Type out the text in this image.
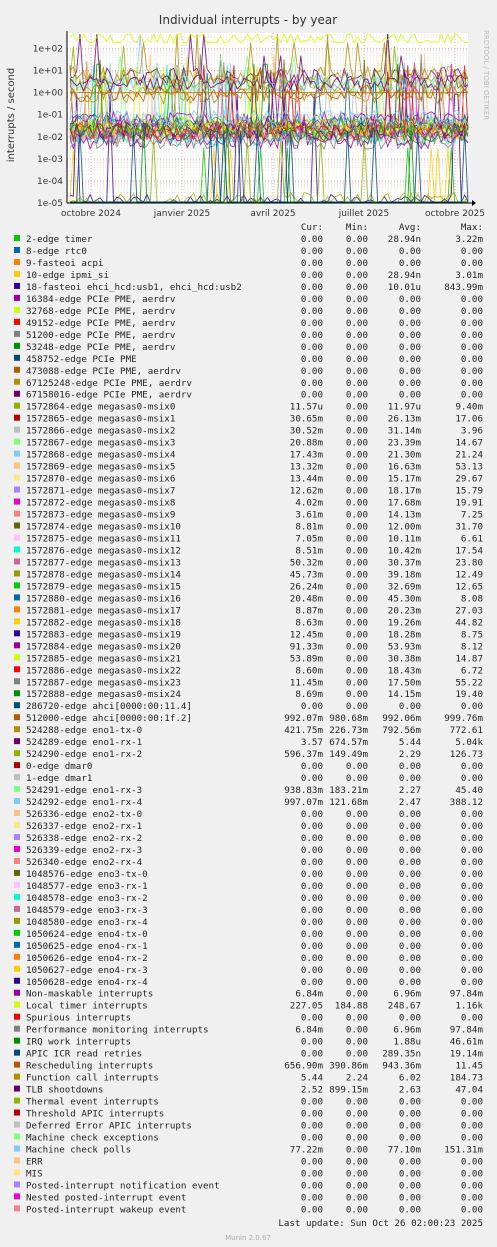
Individual interrupts - by year
interrupts / second	RRDTOOL / TOBI OETIKER
1e+02
1e+01
1e+00
1e-01
1e-02
1e-03
1e-04
1e-05
octobre 2024	janvier 2025	avril 2025	juillet 2025	octobre 2025
Cur: Min:	Avg:	Max:
2-edge timer	0.00 0.00 28.94n	3.22m
8-edge rtc0	0.00 0.00	0.00	0.00
9-fasteoi acpi	0.00 0.00	0.00	0.00
10-edge ipmi_si	0.00 0.00 28.94n	3.01m
18-fasteoi ehci_hcd:usb1, ehci_hcd:usb2	0.00 0.00 10.01u	843.99m
16384-edge PCIe PME, aerdrv	0.00 0.00	0.00	0.00
32768-edge PCIe PME, aerdrv	0.00 0.00	0.00	0.00
49152-edge PCIe PME, aerdrv	0.00 0.00	0.00	0.00
51200-edge PCIe PME, aerdrv	0.00 0.00	0.00	0.00
53248-edge PCIe PME, aerdrv	0.00 0.00	0.00	0.00
458752-edge PCIe PME	0.00 0.00	0.00	0.00
473088-edge PCIe PME, aerdrv	0.00 0.00	0.00	0.00
67125248-edge PCIe PME, aerdrv	0.00 0.00	0.00	0.00
67158016-edge PCIe PME, aerdrv	0.00 0.00	0.00	0.00
1572864-edge megasas0-msix0	11.57u 0.00 11.97u	9.40m
1572865-edge megasas0-msix1	30.65m 0.00 26.13m	17.06
1572866-edge megasas0-msix2	30.52m 0.00 31.14m	3.96
1572867-edge megasas0-msix3	20.88m 0.00 23.39m	14.67
1572868-edge megasas0-msix4	17.43m 0.00 21.30m	21.24
1572869-edge megasas0-msix5	13.32m 0.00 16.63m	53.13
1572870-edge megasas0-msix6	13.44m 0.00 15.17m	29.67
1572871-edge megasas0-msix7	12.62m 0.00 18.17m	15.79
1572872-edge megasas0-msix8	4.02m 0.00 17.68m	19.91
1572873-edge megasas0-msix9	3.61m 0.00 14.13m	7.25
1572874-edge megasas0-msix10	8.81m 0.00 12.00m	31.70
1572875-edge megasas0-msix11	7.05m 0.00 10.11m	6.61
1572876-edge megasas0-msix12	8.51m 0.00 10.42m	17.54
1572877-edge megasas0-msix13	50.32m 0.00 30.37m	23.80
1572878-edge megasas0-msix14	45.73m 0.00 39.18m	12.49
1572879-edge megasas0-msix15	26.24m 0.00 32.69m	12.65
1572880-edge megasas0-msix16	20.48m 0.00 45.30m	8.08
1572881-edge megasas0-msix17	8.87m 0.00 20.23m	27.03
1572882-edge megasas0-msix18	8.63m 0.00 19.26m	44.82
1572883-edge megasas0-msix19	12.45m 0.00 18.28m	8.75
1572884-edge megasas0-msix20	91.33m 0.00 53.93m	8.12
1572885-edge megasas0-msix21	53.89m 0.00 30.38m	14.87
1572886-edge megasas0-msix22	8.60m 0.00 18.43m	6.72
1572887-edge megasas0-msix23	11.45m 0.00 17.50m	55.22
1572888-edge megasas0-msix24	8.69m 0.00 14.15m	19.40
286720-edge ahci[0000:00:11.4]	0.00 0.00	0.00	0.00
512000-edge ahci[0000:00:1f.2]	992.07m 980.68m 992.06m	999.76m
524288-edge eno1-tx-0	421.75m 226.73m 792.56m	772.61
524289-edge eno1-rx-1	3.57 674.57m	5.44	5.04k
524290-edge eno1-rx-2	596.37m 149.49m	2.29	126.73
0-edge dmar0	0.00 0.00	0.00	0.00
1-edge dmar1	0.00 0.00	0.00	0.00
524291-edge eno1-rx-3	938.83m 183.21m	2.27	45.40
524292-edge eno1-rx-4	997.07m 121.68m	2.47	388.12
526336-edge eno2-tx-0	0.00 0.00	0.00	0.00
526337-edge eno2-rx-1	0.00 0.00	0.00	0.00
526338-edge eno2-rx-2	0.00 0.00	0.00	0.00
526339-edge eno2-rx-3	0.00 0.00	0.00	0.00
526340-edge eno2-rx-4	0.00 0.00	0.00	0.00
1048576-edge eno3-tx-0	0.00 0.00	0.00	0.00
1048577-edge eno3-rx-1	0.00 0.00	0.00	0.00
1048578-edge eno3-rx-2	0.00 0.00	0.00	0.00
1048579-edge eno3-rx-3	0.00 0.00	0.00	0.00
1048580-edge eno3-rx-4	0.00 0.00	0.00	0.00
1050624-edge eno4-tx-0	0.00 0.00	0.00	0.00
1050625-edge eno4-rx-1	0.00 0.00	0.00	0.00
1050626-edge eno4-rx-2	0.00 0.00	0.00	0.00
1050627-edge eno4-rx-3	0.00 0.00	0.00	0.00
1050628-edge eno4-rx-4	0.00 0.00	0.00	0.00
Non-maskable interrupts	6.84m 0.00	6.96m	97.84m
Local timer interrupts	227.05 184.88 248.67	1.16k
Spurious interrupts	0.00 0.00	0.00	0.00
Performance monitoring interrupts	6.84m 0.00	6.96m	97.84m
IRQ work interrupts	0.00 0.00	1.88u	46.61m
APIC ICR read retries	0.00 0.00 289.35n	19.14m
Rescheduling interrupts	656.90m 390.86m 943.36m	11.45
Function call interrupts	5.44 2.24	6.02	184.73
TLB shootdowns	2.52 899.15m	2.63	47.04
Thermal event interrupts	0.00 0.00	0.00	0.00
Threshold APIC interrupts	0.00 0.00	0.00	0.00
Deferred Error APIC interrupts	0.00 0.00	0.00	0.00
Machine check exceptions	0.00 0.00	0.00	0.00
Machine check polls	77.22m 0.00 77.10m	151.31m
ERR	0.00 0.00	0.00	0.00
MIS	0.00 0.00	0.00	0.00
Posted-interrupt notification event	0.00 0.00	0.00	0.00
Nested posted-interrupt event	0.00 0.00	0.00	0.00
Posted-interrupt wakeup event	0.00 0.00	0.00	0.00
Last update: Sun Oct 26 02:00:23 2025
Munin 2.0.67
